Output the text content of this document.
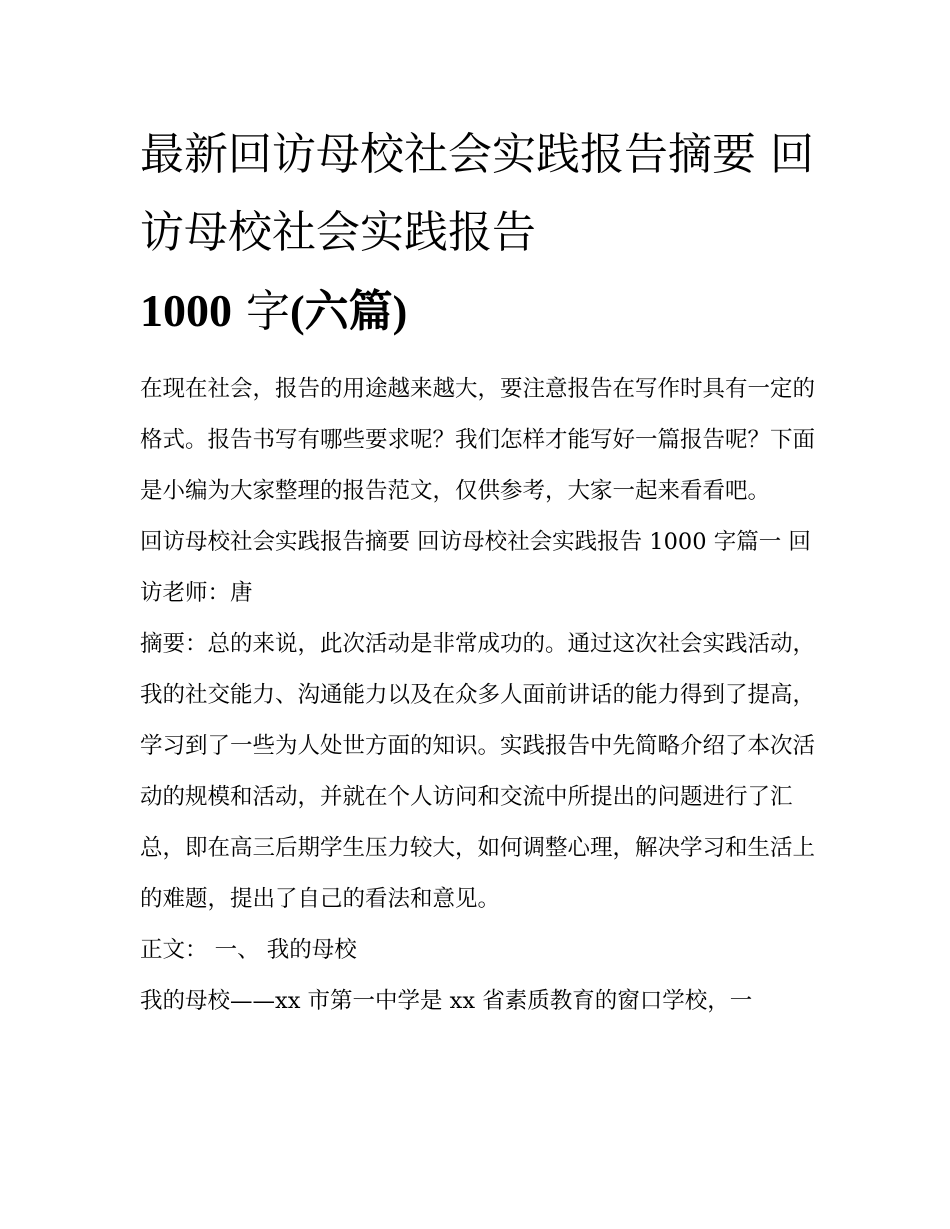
最新回访母校社会实践报告摘要 回访母校社会实践报告
1000 字(六篇)

在现在社会，报告的用途越来越大，要注意报告在写作时具有一定的格式。报告书写有哪些要求呢？我们怎样才能写好一篇报告呢？下面是小编为大家整理的报告范文，仅供参考，大家一起来看看吧。

回访母校社会实践报告摘要 回访母校社会实践报告 1000 字篇一 回访老师：唐

摘要：总的来说，此次活动是非常成功的。通过这次社会实践活动，我的社交能力、沟通能力以及在众多人面前讲话的能力得到了提高，学习到了一些为人处世方面的知识。实践报告中先简略介绍了本次活动的规模和活动，并就在个人访问和交流中所提出的问题进行了汇总，即在高三后期学生压力较大，如何调整心理，解决学习和生活上的难题，提出了自己的看法和意见。

正文： 一、 我的母校

我的母校——xx 市第一中学是 xx 省素质教育的窗口学校，一
